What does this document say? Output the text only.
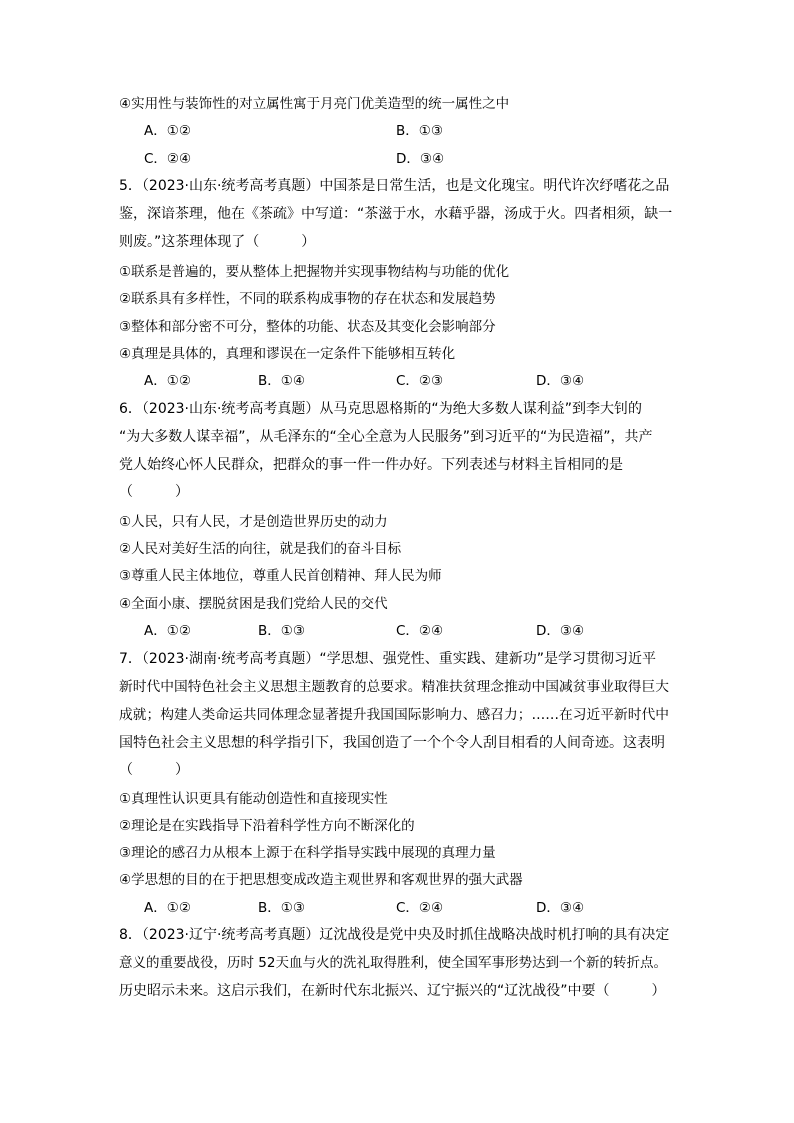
④实用性与装饰性的对立属性寓于月亮门优美造型的统一属性之中
A．①②	B．①③
C．②④	D．③④
5．（2023·山东·统考高考真题）中国茶是日常生活，也是文化瑰宝。明代许次纾嗜花之品
鉴，深谙茶理，他在《茶疏》中写道：“茶滋于水，水藉乎器，汤成于火。四者相须，缺一
则废。”这茶理体现了（　　　）
①联系是普遍的，要从整体上把握物并实现事物结构与功能的优化
②联系具有多样性，不同的联系构成事物的存在状态和发展趋势
③整体和部分密不可分，整体的功能、状态及其变化会影响部分
④真理是具体的，真理和谬误在一定条件下能够相互转化
A．①②	B．①④	C．②③	D．③④
6．（2023·山东·统考高考真题）从马克思恩格斯的“为绝大多数人谋利益”到李大钊的
“为大多数人谋幸福”，从毛泽东的“全心全意为人民服务”到习近平的“为民造福”，共产
党人始终心怀人民群众，把群众的事一件一件办好。下列表述与材料主旨相同的是
（　　　）
①人民，只有人民，才是创造世界历史的动力
②人民对美好生活的向往，就是我们的奋斗目标
③尊重人民主体地位，尊重人民首创精神、拜人民为师
④全面小康、摆脱贫困是我们党给人民的交代
A．①②	B．①③	C．②④	D．③④
7．（2023·湖南·统考高考真题）“学思想、强党性、重实践、建新功”是学习贯彻习近平
新时代中国特色社会主义思想主题教育的总要求。精准扶贫理念推动中国减贫事业取得巨大
成就；构建人类命运共同体理念显著提升我国国际影响力、感召力；……在习近平新时代中
国特色社会主义思想的科学指引下，我国创造了一个个令人刮目相看的人间奇迹。这表明
（　　　）
①真理性认识更具有能动创造性和直接现实性
②理论是在实践指导下沿着科学性方向不断深化的
③理论的感召力从根本上源于在科学指导实践中展现的真理力量
④学思想的目的在于把思想变成改造主观世界和客观世界的强大武器
A．①②	B．①③	C．②④	D．③④
8．（2023·辽宁·统考高考真题）辽沈战役是党中央及时抓住战略决战时机打响的具有决定
意义的重要战役，历时 52天血与火的洗礼取得胜利，使全国军事形势达到一个新的转折点。
历史昭示未来。这启示我们，在新时代东北振兴、辽宁振兴的“辽沈战役”中要（　　　）
